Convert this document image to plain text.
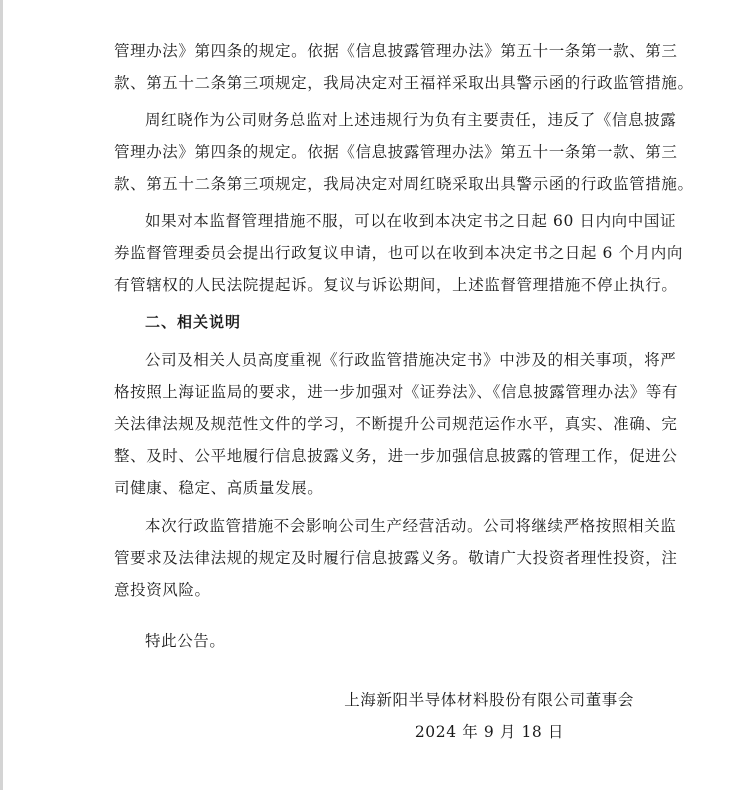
管理办法》第四条的规定。依据《信息披露管理办法》第五十一条第一款、第三
款、第五十二条第三项规定，我局决定对王福祥采取出具警示函的行政监管措施。
周红晓作为公司财务总监对上述违规行为负有主要责任，违反了《信息披露
管理办法》第四条的规定。依据《信息披露管理办法》第五十一条第一款、第三
款、第五十二条第三项规定，我局决定对周红晓采取出具警示函的行政监管措施。
如果对本监督管理措施不服，可以在收到本决定书之日起 60 日内向中国证
券监督管理委员会提出行政复议申请，也可以在收到本决定书之日起 6 个月内向
有管辖权的人民法院提起诉。复议与诉讼期间，上述监督管理措施不停止执行。
二、相关说明
公司及相关人员高度重视《行政监管措施决定书》中涉及的相关事项，将严
格按照上海证监局的要求，进一步加强对《证券法》、《信息披露管理办法》等有
关法律法规及规范性文件的学习，不断提升公司规范运作水平，真实、准确、完
整、及时、公平地履行信息披露义务，进一步加强信息披露的管理工作，促进公
司健康、稳定、高质量发展。
本次行政监管措施不会影响公司生产经营活动。公司将继续严格按照相关监
管要求及法律法规的规定及时履行信息披露义务。敬请广大投资者理性投资，注
意投资风险。
特此公告。
上海新阳半导体材料股份有限公司董事会
2024 年 9 月 18 日
